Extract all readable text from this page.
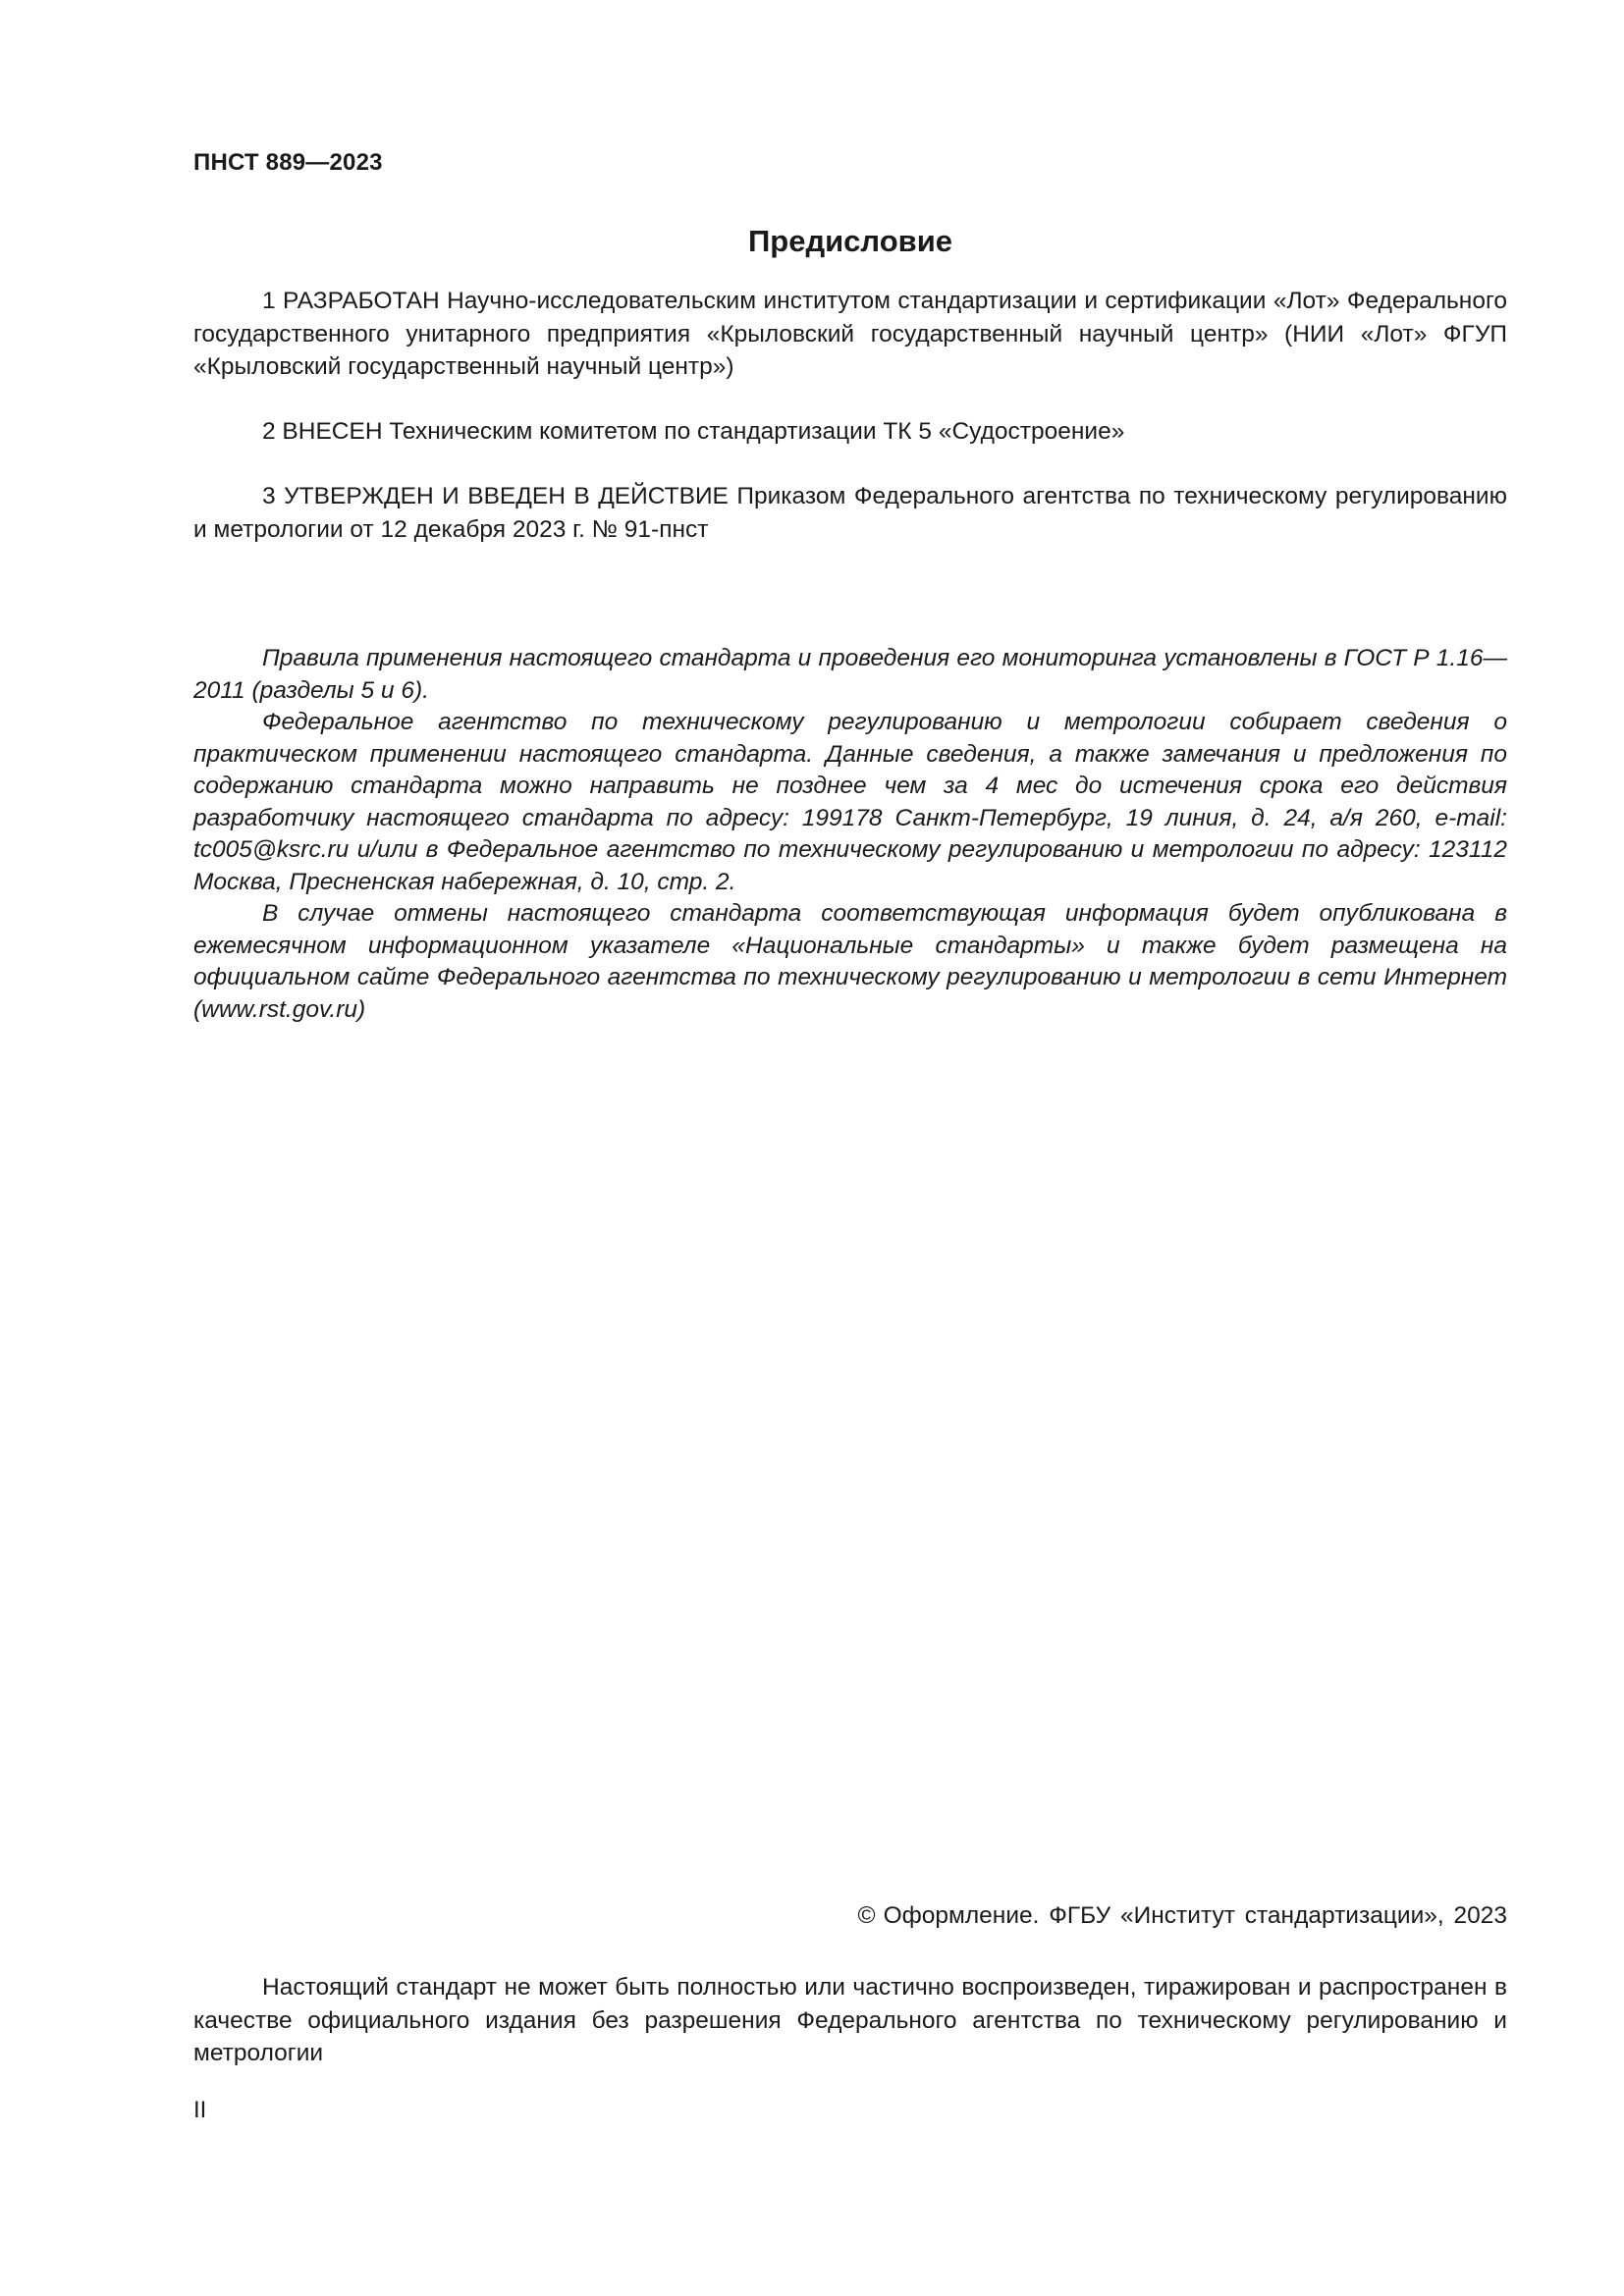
ПНСТ 889—2023
Предисловие

1 РАЗРАБОТАН Научно-исследовательским институтом стандартизации и сертификации «Лот» Федерального государственного унитарного предприятия «Крыловский государственный научный центр» (НИИ «Лот» ФГУП «Крыловский государственный научный центр»)

2 ВНЕСЕН Техническим комитетом по стандартизации ТК 5 «Судостроение»

3 УТВЕРЖДЕН И ВВЕДЕН В ДЕЙСТВИЕ Приказом Федерального агентства по техническому регулированию и метрологии от 12 декабря 2023 г. № 91-пнст

Правила применения настоящего стандарта и проведения его мониторинга установлены в ГОСТ Р 1.16—2011 (разделы 5 и 6).

Федеральное агентство по техническому регулированию и метрологии собирает сведения о практическом применении настоящего стандарта. Данные сведения, а также замечания и предложения по содержанию стандарта можно направить не позднее чем за 4 мес до истечения срока его действия разработчику настоящего стандарта по адресу: 199178 Санкт-Петербург, 19 линия, д. 24, а/я 260, e-mail: tc005@ksrc.ru и/или в Федеральное агентство по техническому регулированию и метрологии по адресу: 123112 Москва, Пресненская набережная, д. 10, стр. 2.

В случае отмены настоящего стандарта соответствующая информация будет опубликована в ежемесячном информационном указателе «Национальные стандарты» и также будет размещена на официальном сайте Федерального агентства по техническому регулированию и метрологии в сети Интернет (www.rst.gov.ru)

© Оформление. ФГБУ «Институт стандартизации», 2023

Настоящий стандарт не может быть полностью или частично воспроизведен, тиражирован и распространен в качестве официального издания без разрешения Федерального агентства по техническому регулированию и метрологии

II
